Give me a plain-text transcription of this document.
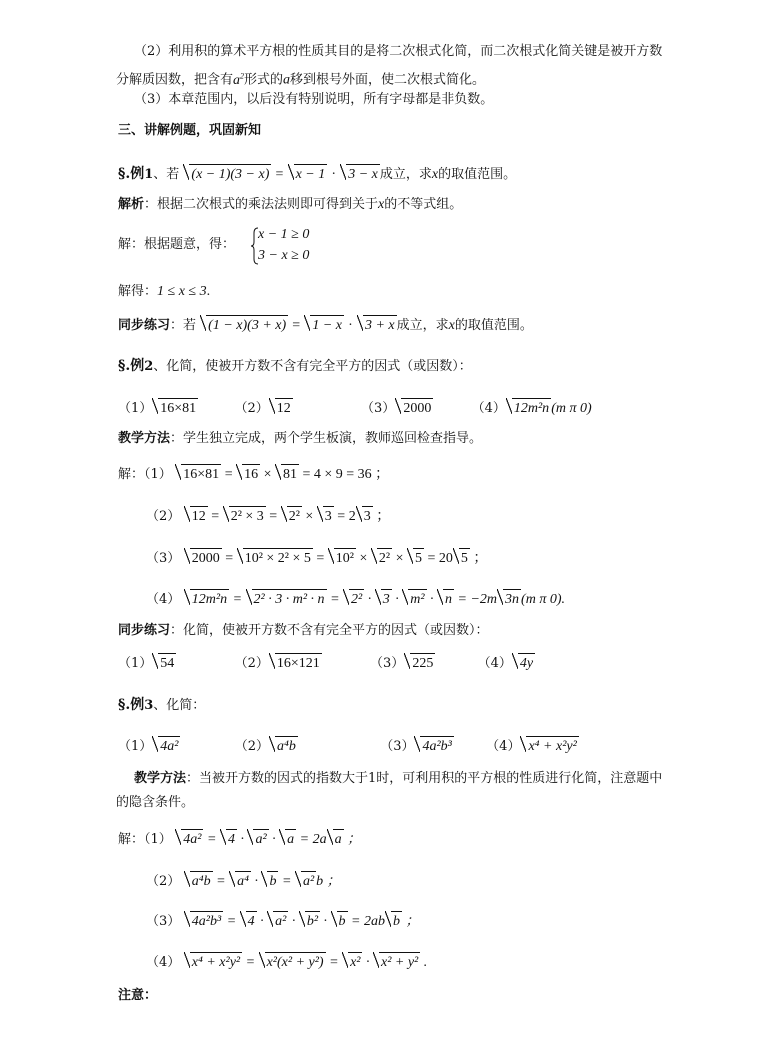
（2）利用积的算术平方根的性质其目的是将二次根式化简，而二次根式化简关键是被开方数
分解质因数，把含有$a^2$形式的a移到根号外面，使二次根式简化。
（3）本章范围内，以后没有特别说明，所有字母都是非负数。
三、讲解例题，巩固新知
§.例1、若 (x − 1)(3 − x) = x − 1 · 3 − x 成立，求x的取值范围。
解析：根据二次根式的乘法法则即可得到关于x的不等式组。
解：根据题意，得：
x − 1 ≥ 0
3 − x ≥ 0
解得：1 ≤ x ≤ 3.
同步练习：若 (1 − x)(3 + x) = 1 − x · 3 + x 成立，求x的取值范围。
§.例2、化简，使被开方数不含有完全平方的因式（或因数）：
（1） 16×81	（2） 12	（3） 2000	（4） 12m²n (m π 0)
教学方法：学生独立完成，两个学生板演，教师巡回检查指导。
解：（1） 16×81 = 16 × 81 = 4 × 9 = 36 ；
（2） 12 = 2² × 3 = 2² × 3 = 2 3 ；
（3） 2000 = 10² × 2² × 5 = 10² × 2² × 5 = 20 5 ；
（4） 12m²n = 2² · 3 · m² · n = 2² · 3 · m² · n = −2m 3n (m π 0).
同步练习：化简，使被开方数不含有完全平方的因式（或因数）：
（1） 54	（2） 16×121	（3） 225	（4） 4y
§.例3、化简：
（1） 4a²	（2） a⁴b	（3） 4a²b³	（4） x⁴ + x²y²
教学方法：当被开方数的因式的指数大于1时，可利用积的平方根的性质进行化简，注意题中
的隐含条件。
解：（1） 4a² = 4 · a² · a = 2a a ；
（2） a⁴b = a⁴ · b = a² b ；
（3） 4a²b³ = 4 · a² · b² · b = 2ab b ；
（4） x⁴ + x²y² = x²(x² + y²) = x² · x² + y² .
注意：
